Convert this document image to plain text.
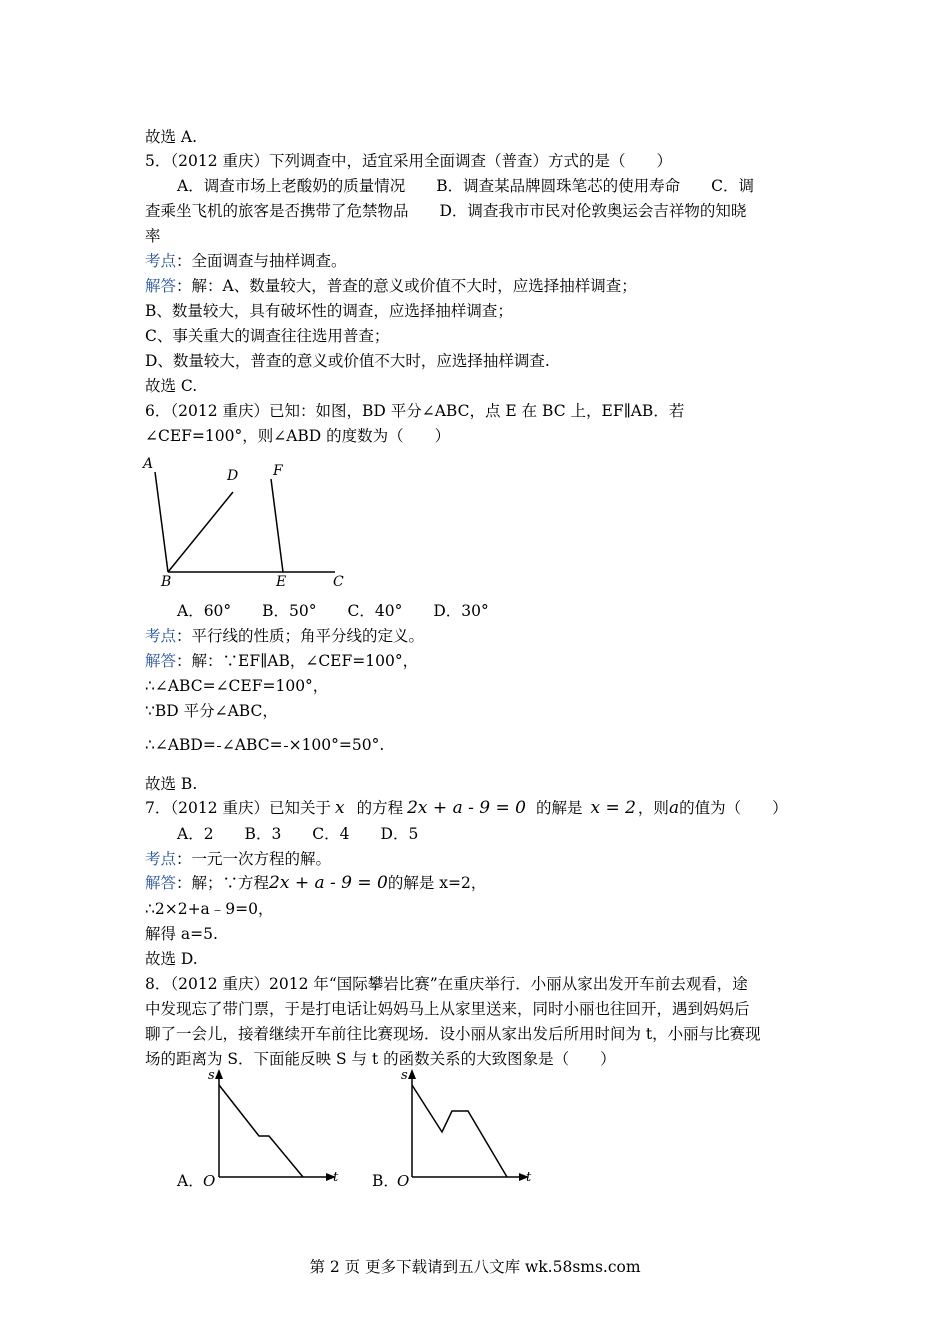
故选 A.
5．（2012 重庆）下列调查中，适宜采用全面调查（普查）方式的是（　　）
A．调查市场上老酸奶的质量情况　　B．调查某品牌圆珠笔芯的使用寿命　　C．调
查乘坐飞机的旅客是否携带了危禁物品　　D．调查我市市民对伦敦奥运会吉祥物的知晓
率
考点：全面调查与抽样调查。
解答：解：A、数量较大，普查的意义或价值不大时，应选择抽样调查；
B、数量较大，具有破坏性的调查，应选择抽样调查；
C、事关重大的调查往往选用普查；
D、数量较大，普查的意义或价值不大时，应选择抽样调查.
故选 C.
6．（2012 重庆）已知：如图，BD 平分∠ABC，点 E 在 BC 上，EF∥AB．若
∠CEF=100°，则∠ABD 的度数为（　　）
A
D F
B	E	C
A．60°　　B．50°　　C．40°　　D．30°
考点：平行线的性质；角平分线的定义。
解答：解：∵EF∥AB，∠CEF=100°，
∴∠ABC=∠CEF=100°，
∵BD 平分∠ABC，
∴∠ABD= ∠ABC= ×100°=50°.
故选 B.
7．（2012 重庆）已知关于 x 的方程 2x + a - 9 = 0 的解是 x = 2 ，则a的值为（　　）
A．2　　B．3　　C．4　　D．5
考点：一元一次方程的解。
解答：解；∵方程2x + a - 9 = 0的解是 x=2，
∴2×2+a﹣9=0，
解得 a=5.
故选 D.
8．（2012 重庆）2012 年“国际攀岩比赛”在重庆举行．小丽从家出发开车前去观看，途
中发现忘了带门票，于是打电话让妈妈马上从家里送来，同时小丽也往回开，遇到妈妈后
聊了一会儿，接着继续开车前往比赛现场．设小丽从家出发后所用时间为 t，小丽与比赛现
场的距离为 S．下面能反映 S 与 t 的函数关系的大致图象是（　　）
A．
s
t
O	B．
s
t
O
第 2 页 更多下载请到五八文库 wk.58sms.com
